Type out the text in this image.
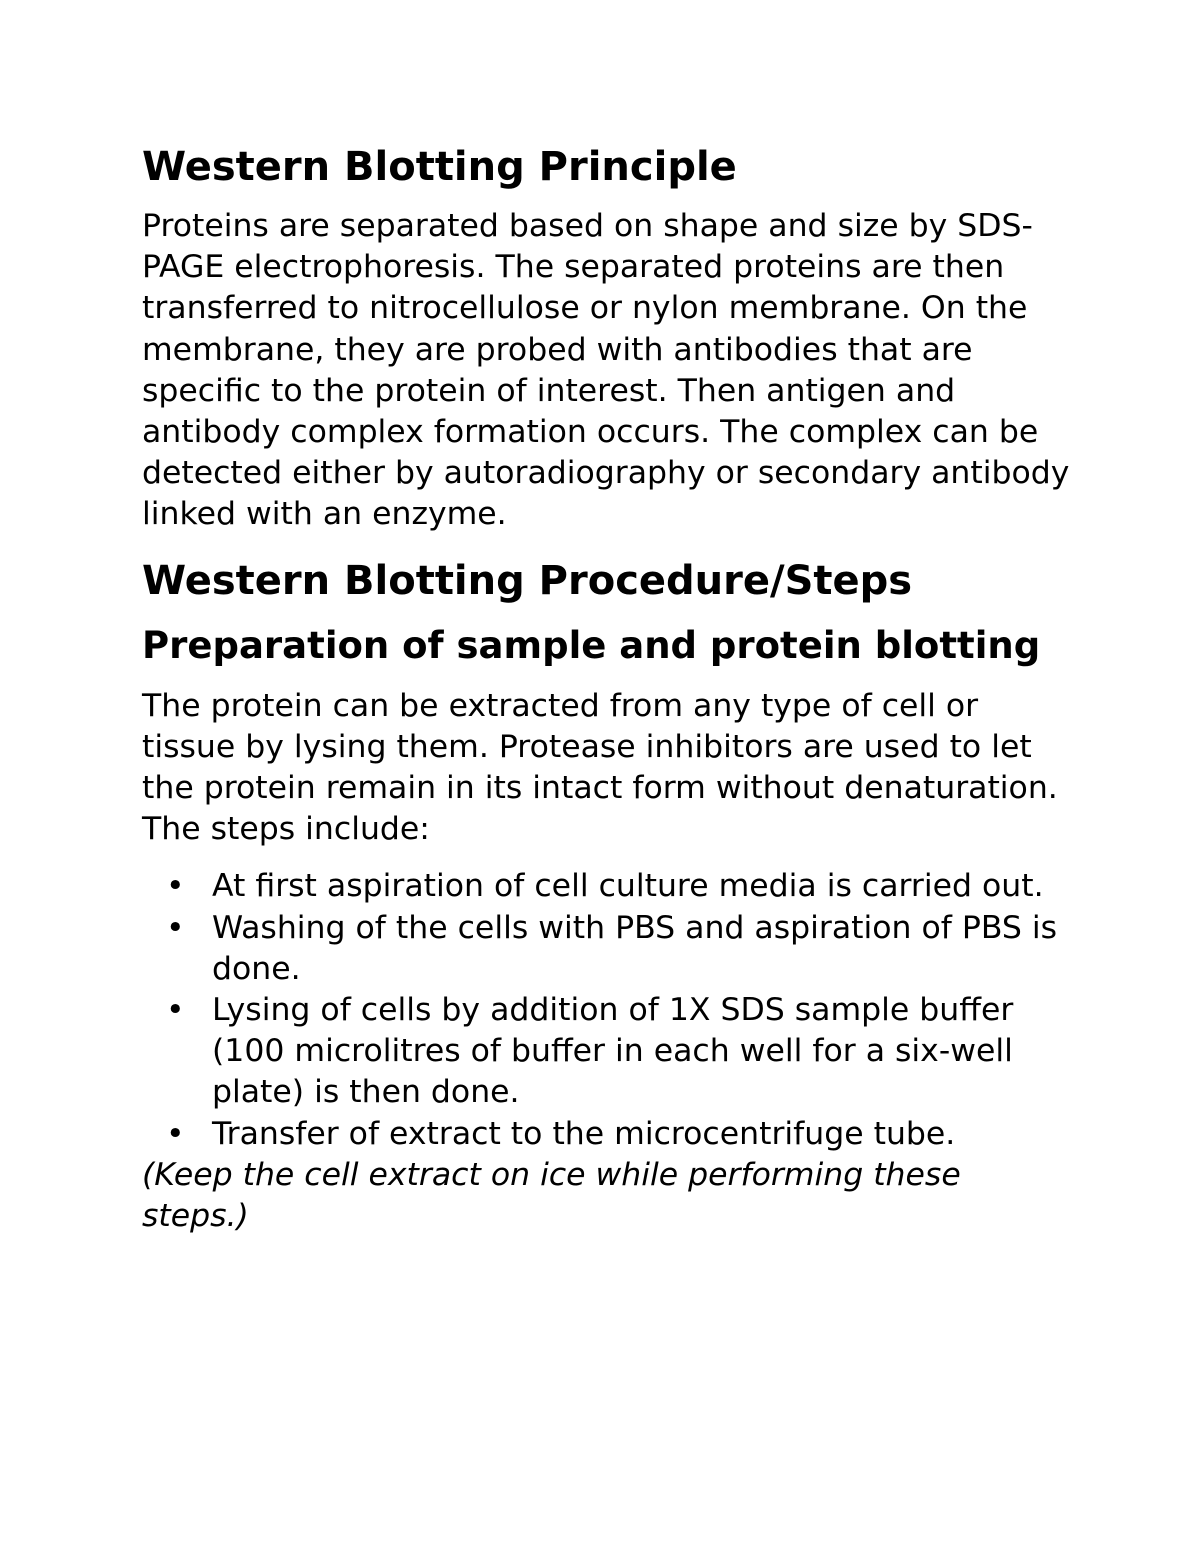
Western Blotting Principle

Proteins are separated based on shape and size by SDS-PAGE electrophoresis. The separated proteins are then transferred to nitrocellulose or nylon membrane. On the membrane, they are probed with antibodies that are specific to the protein of interest. Then antigen and antibody complex formation occurs. The complex can be detected either by autoradiography or secondary antibody linked with an enzyme.

Western Blotting Procedure/Steps
Preparation of sample and protein blotting

The protein can be extracted from any type of cell or tissue by lysing them. Protease inhibitors are used to let the protein remain in its intact form without denaturation. The steps include:

• At first aspiration of cell culture media is carried out.
• Washing of the cells with PBS and aspiration of PBS is done.
• Lysing of cells by addition of 1X SDS sample buffer (100 microlitres of buffer in each well for a six-well plate) is then done.
• Transfer of extract to the microcentrifuge tube.

(Keep the cell extract on ice while performing these steps.)
